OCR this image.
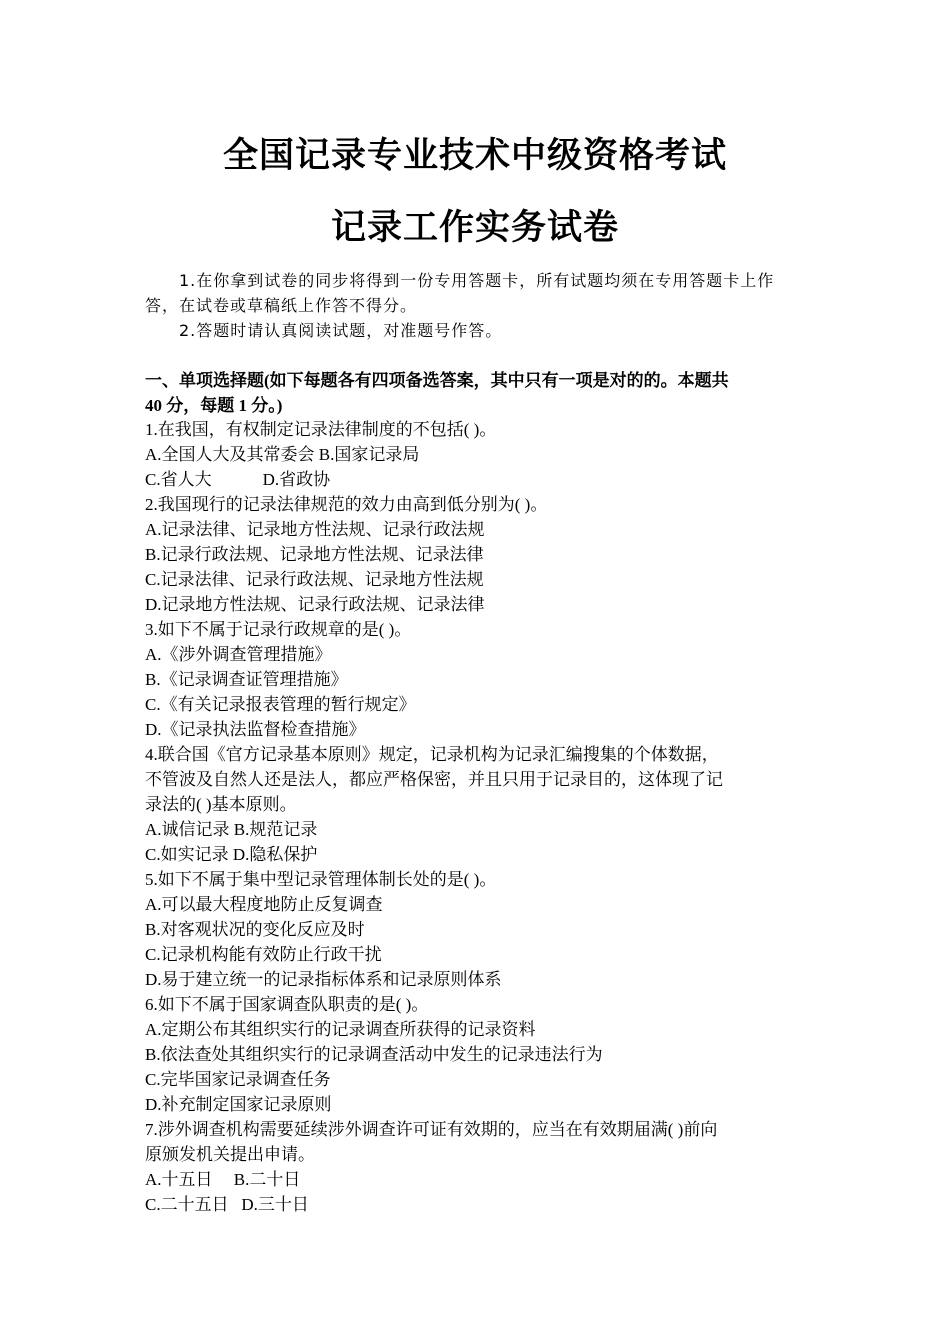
全国记录专业技术中级资格考试
记录工作实务试卷
1.在你拿到试卷的同步将得到一份专用答题卡，所有试题均须在专用答题卡上作答，在试卷或草稿纸上作答不得分。
2.答题时请认真阅读试题，对准题号作答。
一、单项选择题(如下每题各有四项备选答案，其中只有一项是对的的。本题共
40 分，每题 1 分。)
1.在我国，有权制定记录法律制度的不包括( )。
A.全国人大及其常委会 B.国家记录局
C.省人大            D.省政协
2.我国现行的记录法律规范的效力由高到低分别为( )。
A.记录法律、记录地方性法规、记录行政法规
B.记录行政法规、记录地方性法规、记录法律
C.记录法律、记录行政法规、记录地方性法规
D.记录地方性法规、记录行政法规、记录法律
3.如下不属于记录行政规章的是( )。
A.《涉外调查管理措施》
B.《记录调查证管理措施》
C.《有关记录报表管理的暂行规定》
D.《记录执法监督检查措施》
4.联合国《官方记录基本原则》规定，记录机构为记录汇编搜集的个体数据，
不管波及自然人还是法人，都应严格保密，并且只用于记录目的，这体现了记
录法的( )基本原则。
A.诚信记录 B.规范记录
C.如实记录 D.隐私保护
5.如下不属于集中型记录管理体制长处的是( )。
A.可以最大程度地防止反复调查
B.对客观状况的变化反应及时
C.记录机构能有效防止行政干扰
D.易于建立统一的记录指标体系和记录原则体系
6.如下不属于国家调查队职责的是( )。
A.定期公布其组织实行的记录调查所获得的记录资料
B.依法查处其组织实行的记录调查活动中发生的记录违法行为
C.完毕国家记录调查任务
D.补充制定国家记录原则
7.涉外调查机构需要延续涉外调查许可证有效期的，应当在有效期届满( )前向
原颁发机关提出申请。
A.十五日     B.二十日
C.二十五日   D.三十日
